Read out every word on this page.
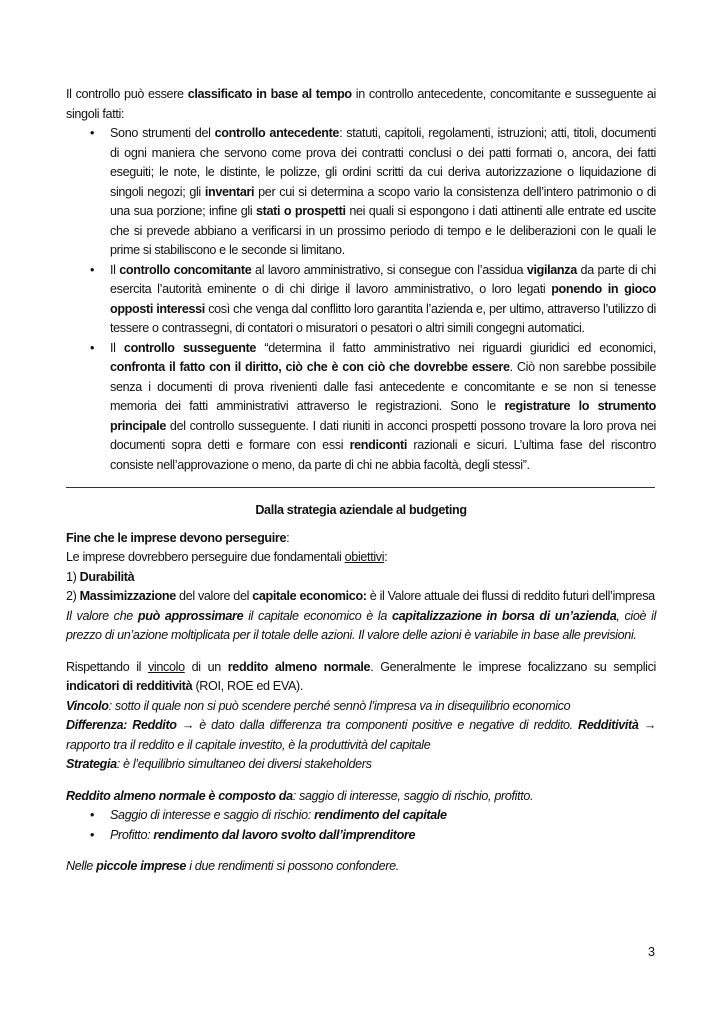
Il controllo può essere classificato in base al tempo in controllo antecedente, concomitante e susseguente ai singoli fatti:

• Sono strumenti del controllo antecedente: statuti, capitoli, regolamenti, istruzioni; atti, titoli, documenti di ogni maniera che servono come prova dei contratti conclusi o dei patti formati o, ancora, dei fatti eseguiti; le note, le distinte, le polizze, gli ordini scritti da cui deriva autorizzazione o liquidazione di singoli negozi; gli inventari per cui si determina a scopo vario la consistenza dell’intero patrimonio o di una sua porzione; infine gli stati o prospetti nei quali si espongono i dati attinenti alle entrate ed uscite che si prevede abbiano a verificarsi in un prossimo periodo di tempo e le deliberazioni con le quali le prime si stabiliscono e le seconde si limitano.
• Il controllo concomitante al lavoro amministrativo, si consegue con l’assidua vigilanza da parte di chi esercita l’autorità eminente o di chi dirige il lavoro amministrativo, o loro legati ponendo in gioco opposti interessi così che venga dal conflitto loro garantita l’azienda e, per ultimo, attraverso l’utilizzo di tessere o contrassegni, di contatori o misuratori o pesatori o altri simili congegni automatici.
• Il controllo susseguente “determina il fatto amministrativo nei riguardi giuridici ed economici, confronta il fatto con il diritto, ciò che è con ciò che dovrebbe essere. Ciò non sarebbe possibile senza i documenti di prova rivenienti dalle fasi antecedente e concomitante e se non si tenesse memoria dei fatti amministrativi attraverso le registrazioni. Sono le registrature lo strumento principale del controllo susseguente. I dati riuniti in acconci prospetti possono trovare la loro prova nei documenti sopra detti e formare con essi rendiconti razionali e sicuri. L’ultima fase del riscontro consiste nell’approvazione o meno, da parte di chi ne abbia facoltà, degli stessi”.

Dalla strategia aziendale al budgeting

Fine che le imprese devono perseguire:

Le imprese dovrebbero perseguire due fondamentali obiettivi:

1) Durabilità

2) Massimizzazione del valore del capitale economico: è il Valore attuale dei flussi di reddito futuri dell’impresa

Il valore che può approssimare il capitale economico è la capitalizzazione in borsa di un’azienda, cioè il prezzo di un’azione moltiplicata per il totale delle azioni. Il valore delle azioni è variabile in base alle previsioni.

Rispettando il vincolo di un reddito almeno normale. Generalmente le imprese focalizzano su semplici indicatori di redditività (ROI, ROE ed EVA).

Vincolo: sotto il quale non si può scendere perché sennò l’impresa va in disequilibrio economico

Differenza: Reddito → è dato dalla differenza tra componenti positive e negative di reddito. Redditività → rapporto tra il reddito e il capitale investito, è la produttività del capitale

Strategia: è l’equilibrio simultaneo dei diversi stakeholders

Reddito almeno normale è composto da: saggio di interesse, saggio di rischio, profitto.

• Saggio di interesse e saggio di rischio: rendimento del capitale
• Profitto: rendimento dal lavoro svolto dall’imprenditore

Nelle piccole imprese i due rendimenti si possono confondere.

3
